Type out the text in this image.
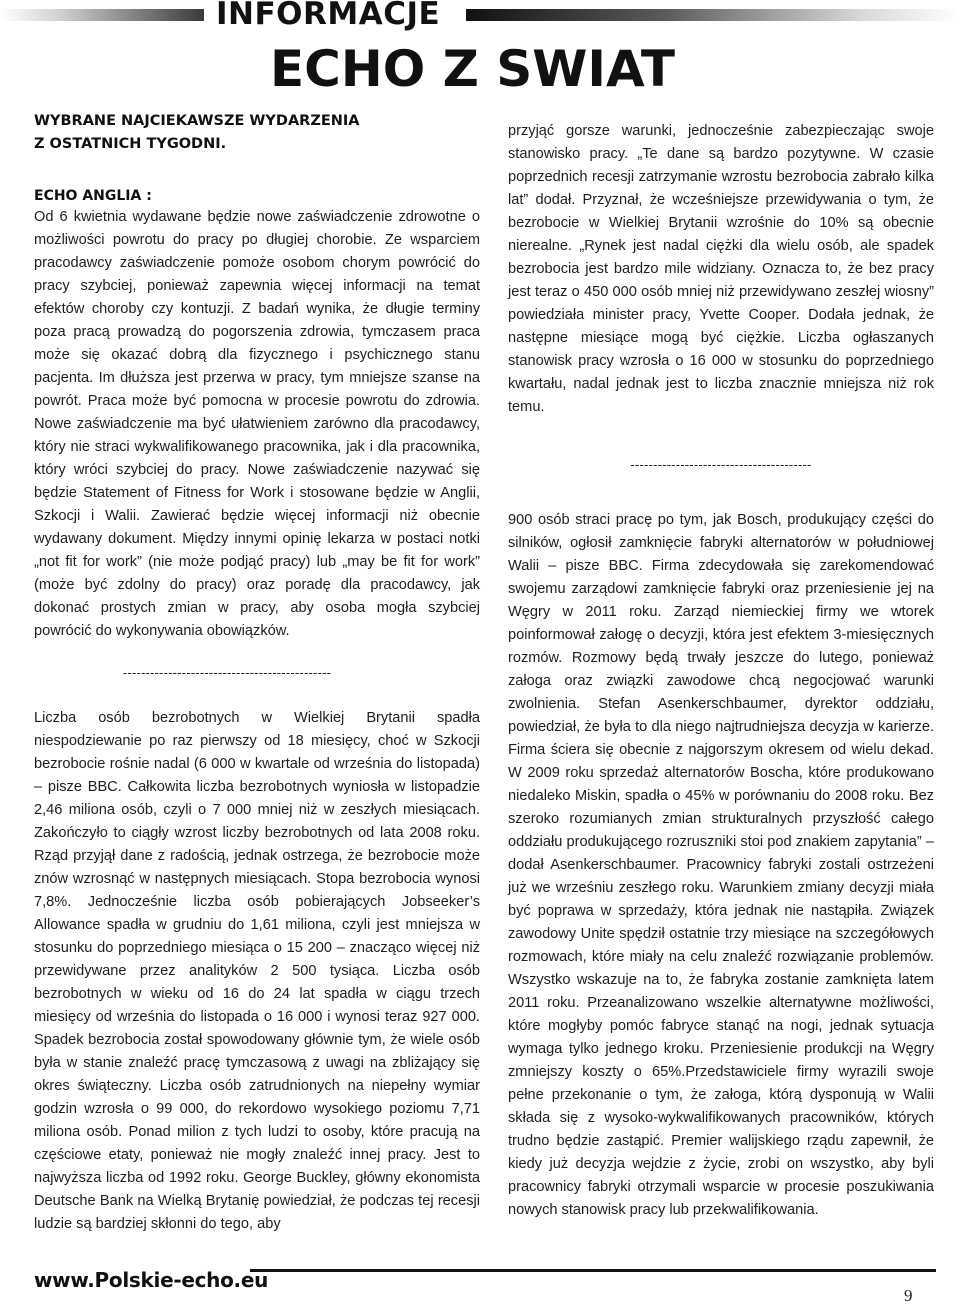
INFORMACJE
ECHO Z SWIAT

WYBRANE NAJCIEKAWSZE WYDARZENIA

Z OSTATNICH TYGODNI.

ECHO ANGLIA :

Od 6 kwietnia wydawane będzie nowe zaświadczenie zdrowotne o możliwości powrotu do pracy po długiej chorobie. Ze wsparciem pracodawcy zaświadczenie pomoże osobom chorym powrócić do pracy szybciej, ponieważ zapewnia więcej informacji na temat efektów choroby czy kontuzji. Z badań wynika, że długie terminy poza pracą prowadzą do pogorszenia zdrowia, tymczasem praca może się okazać dobrą dla fizycznego i psychicznego stanu pacjenta. Im dłuższa jest przerwa w pracy, tym mniejsze szanse na powrót. Praca może być pomocna w procesie powrotu do zdrowia. Nowe zaświadczenie ma być ułatwieniem zarówno dla pracodawcy, który nie straci wykwalifikowanego pracownika, jak i dla pracownika, który wróci szybciej do pracy. Nowe zaświadczenie nazywać się będzie Statement of Fitness for Work i stosowane będzie w Anglii, Szkocji i Walii. Zawierać będzie więcej informacji niż obecnie wydawany dokument. Między innymi opinię lekarza w postaci notki „not fit for work” (nie może podjąć pracy) lub „may be fit for work” (może być zdolny do pracy) oraz poradę dla pracodawcy, jak dokonać prostych zmian w pracy, aby osoba mogła szybciej powrócić do wykonywania obowiązków.

----------------------------------------------

Liczba osób bezrobotnych w Wielkiej Brytanii spadła niespodziewanie po raz pierwszy od 18 miesięcy, choć w Szkocji bezrobocie rośnie nadal (6 000 w kwartale od września do listopada) – pisze BBC. Całkowita liczba bezrobotnych wyniosła w listopadzie 2,46 miliona osób, czyli o 7 000 mniej niż w zeszłych miesiącach. Zakończyło to ciągły wzrost liczby bezrobotnych od lata 2008 roku. Rząd przyjął dane z radością, jednak ostrzega, że bezrobocie może znów wzrosnąć w następnych miesiącach. Stopa bezrobocia wynosi 7,8%. Jednocześnie liczba osób pobierających Jobseeker’s Allowance spadła w grudniu do 1,61 miliona, czyli jest mniejsza w stosunku do poprzedniego miesiąca o 15 200 – znacząco więcej niż przewidywane przez analityków 2 500 tysiąca. Liczba osób bezrobotnych w wieku od 16 do 24 lat spadła w ciągu trzech miesięcy od września do listopada o 16 000 i wynosi teraz 927 000. Spadek bezrobocia został spowodowany głównie tym, że wiele osób była w stanie znaleźć pracę tymczasową z uwagi na zbliżający się okres świąteczny. Liczba osób zatrudnionych na niepełny wymiar godzin wzrosła o 99 000, do rekordowo wysokiego poziomu 7,71 miliona osób. Ponad milion z tych ludzi to osoby, które pracują na częściowe etaty, ponieważ nie mogły znaleźć innej pracy. Jest to najwyższa liczba od 1992 roku. George Buckley, główny ekonomista Deutsche Bank na Wielką Brytanię powiedział, że podczas tej recesji ludzie są bardziej skłonni do tego, aby

przyjąć gorsze warunki, jednocześnie zabezpieczając swoje stanowisko pracy. „Te dane są bardzo pozytywne. W czasie poprzednich recesji zatrzymanie wzrostu bezrobocia zabrało kilka lat” dodał. Przyznał, że wcześniejsze przewidywania o tym, że bezrobocie w Wielkiej Brytanii wzrośnie do 10% są obecnie nierealne. „Rynek jest nadal ciężki dla wielu osób, ale spadek bezrobocia jest bardzo mile widziany. Oznacza to, że bez pracy jest teraz o 450 000 osób mniej niż przewidywano zeszłej wiosny” powiedziała minister pracy, Yvette Cooper. Dodała jednak, że następne miesiące mogą być ciężkie. Liczba ogłaszanych stanowisk pracy wzrosła o 16 000 w stosunku do poprzedniego kwartału, nadal jednak jest to liczba znacznie mniejsza niż rok temu.

----------------------------------------

900 osób straci pracę po tym, jak Bosch, produkujący części do silników, ogłosił zamknięcie fabryki alternatorów w południowej Walii – pisze BBC. Firma zdecydowała się zarekomendować swojemu zarządowi zamknięcie fabryki oraz przeniesienie jej na Węgry w 2011 roku. Zarząd niemieckiej firmy we wtorek poinformował załogę o decyzji, która jest efektem 3-miesięcznych rozmów. Rozmowy będą trwały jeszcze do lutego, ponieważ załoga oraz związki zawodowe chcą negocjować warunki zwolnienia. Stefan Asenkerschbaumer, dyrektor oddziału, powiedział, że była to dla niego najtrudniejsza decyzja w karierze. Firma ściera się obecnie z najgorszym okresem od wielu dekad. W 2009 roku sprzedaż alternatorów Boscha, które produkowano niedaleko Miskin, spadła o 45% w porównaniu do 2008 roku. Bez szeroko rozumianych zmian strukturalnych przyszłość całego oddziału produkującego rozruszniki stoi pod znakiem zapytania” – dodał Asenkerschbaumer. Pracownicy fabryki zostali ostrzeżeni już we wrześniu zeszłego roku. Warunkiem zmiany decyzji miała być poprawa w sprzedaży, która jednak nie nastąpiła. Związek zawodowy Unite spędził ostatnie trzy miesiące na szczegółowych rozmowach, które miały na celu znaleźć rozwiązanie problemów. Wszystko wskazuje na to, że fabryka zostanie zamknięta latem 2011 roku. Przeanalizowano wszelkie alternatywne możliwości, które mogłyby pomóc fabryce stanąć na nogi, jednak sytuacja wymaga tylko jednego kroku. Przeniesienie produkcji na Węgry zmniejszy koszty o 65%.Przedstawiciele firmy wyrazili swoje pełne przekonanie o tym, że załoga, którą dysponują w Walii składa się z wysoko-wykwalifikowanych pracowników, których trudno będzie zastąpić. Premier walijskiego rządu zapewnił, że kiedy już decyzja wejdzie z życie, zrobi on wszystko, aby byli pracownicy fabryki otrzymali wsparcie w procesie poszukiwania nowych stanowisk pracy lub przekwalifikowania.

www.Polskie-echo.eu
9
